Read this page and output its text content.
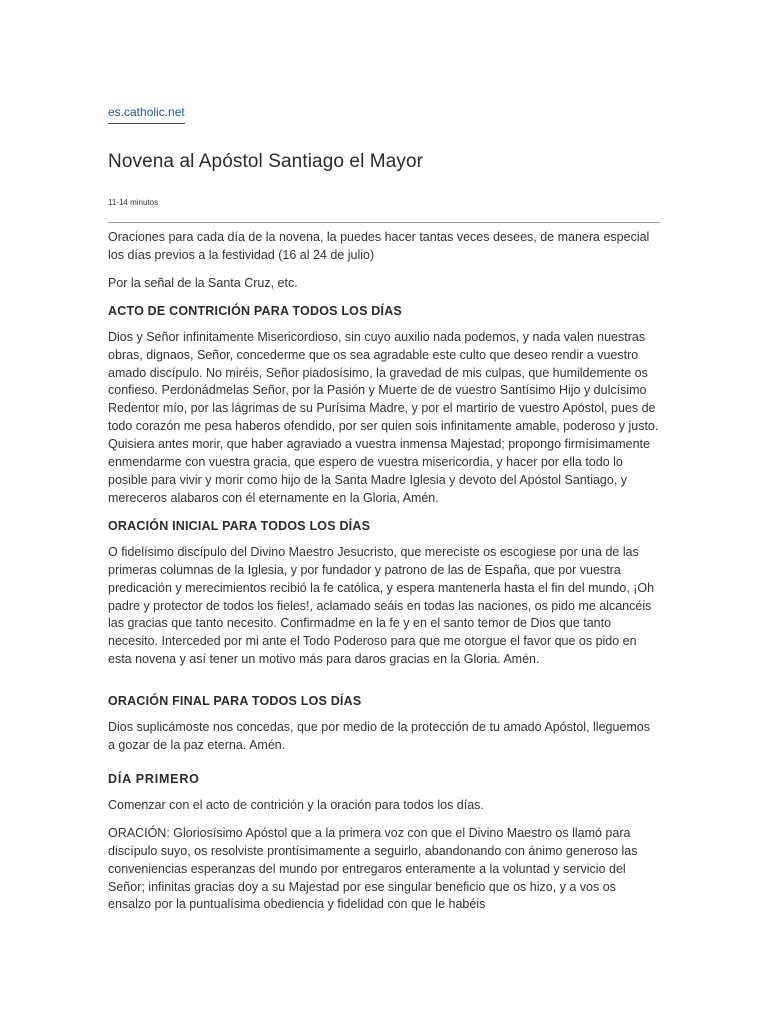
es.catholic.net
Novena al Apóstol Santiago el Mayor
11-14 minutos

Oraciones para cada día de la novena, la puedes hacer tantas veces desees, de manera especial los días previos a la festividad (16 al 24 de julio)

Por la señal de la Santa Cruz, etc.

ACTO DE CONTRICIÓN PARA TODOS LOS DÍAS

Dios y Señor infinitamente Misericordioso, sin cuyo auxilio nada podemos, y nada valen nuestras obras, dignaos, Señor, concederme que os sea agradable este culto que deseo rendir a vuestro amado discípulo. No miréis, Señor piadosísimo, la gravedad de mis culpas, que humildemente os confieso. Perdonádmelas Señor, por la Pasión y Muerte de de vuestro Santísimo Hijo y dulcísimo Redentor mío, por las lágrimas de su Purísima Madre, y por el martirio de vuestro Apóstol, pues de todo corazón me pesa haberos ofendido, por ser quien sois infinitamente amable, poderoso y justo. Quisiera antes morir, que haber agraviado a vuestra inmensa Majestad; propongo firmísimamente enmendarme con vuestra gracia, que espero de vuestra misericordia, y hacer por ella todo lo posible para vivir y morir como hijo de la Santa Madre Iglesia y devoto del Apóstol Santiago, y mereceros alabaros con él eternamente en la Gloria, Amén.

ORACIÓN INICIAL PARA TODOS LOS DÍAS

O fidelísimo discípulo del Divino Maestro Jesucristo, que merecíste os escogiese por una de las primeras columnas de la Iglesia, y por fundador y patrono de las de España, que por vuestra predicación y merecimientos recibió la fe católica, y espera mantenerla hasta el fin del mundo, ¡Oh padre y protector de todos los fieles!, aclamado seáis en todas las naciones, os pido me alcancéis las gracias que tanto necesito. Confirmadme en la fe y en el santo temor de Dios que tanto necesito. Interceded por mi ante el Todo Poderoso para que me otorgue el favor que os pido en esta novena y así tener un motivo más para daros gracias en la Gloria. Amén.

ORACIÓN FINAL PARA TODOS LOS DÍAS

Dios suplicámoste nos concedas, que por medio de la protección de tu amado Apóstol, lleguemos a gozar de la paz eterna. Amén.

DÍA PRIMERO

Comenzar con el acto de contrición y la oración para todos los días.

ORACIÓN: Gloriosísimo Apóstol que a la primera voz con que el Divino Maestro os llamó para discípulo suyo, os resolviste prontísimamente a seguirlo, abandonando con ánimo generoso las conveniencias esperanzas del mundo por entregaros enteramente a la voluntad y servicio del Señor; infinitas gracias doy a su Majestad por ese singular beneficio que os hizo, y a vos os ensalzo por la puntualísima obediencia y fidelidad con que le habéis
